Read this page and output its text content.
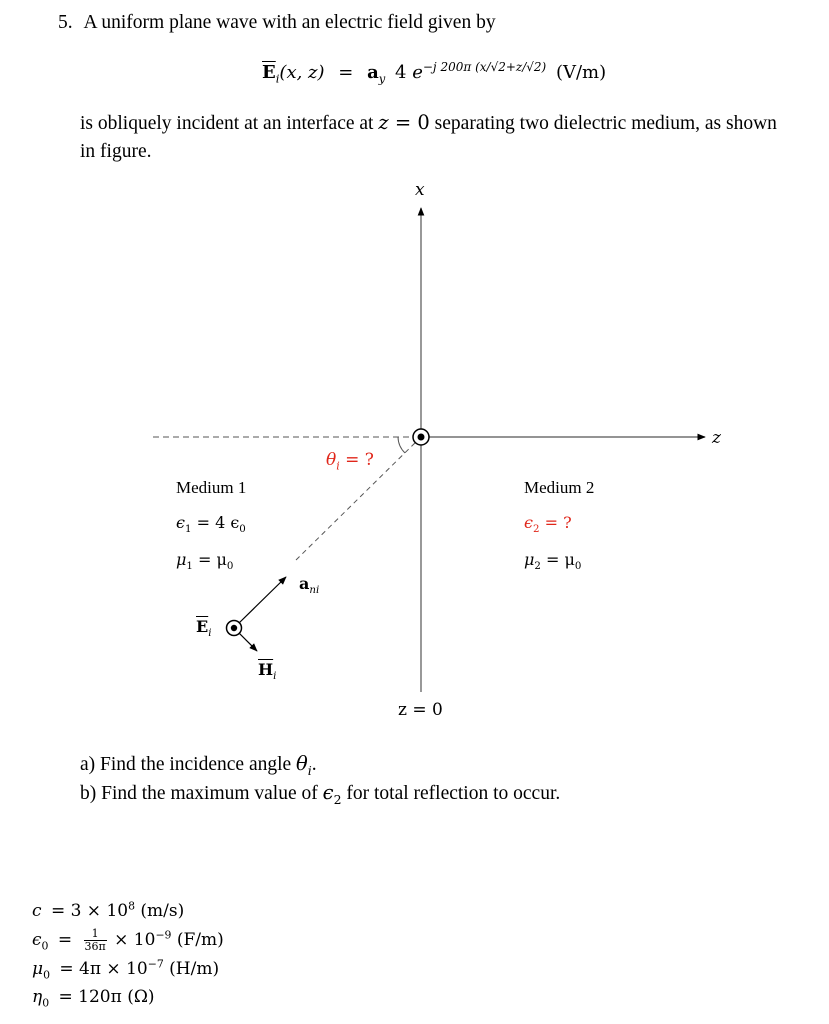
5. A uniform plane wave with an electric field given by
$\overline{E}_i(x$, $z) = a_y$ 4 $e^{-j 200\pi (x/√2+z/√2)}$ (V/m)
is obliquely incident at an interface at z = 0 separating two dielectric medium, as shown
in figure.
x
z
z = 0
$\theta_i$ = ?
Medium 1
$\epsilon_1 = 4$ $\epsilon_0$
$\mu_1 = \mu_0$
Medium 2
$\epsilon_2$ = ?
$\mu_2 = \mu_0$
$a_{ni}$
$\overline{E}_i$
$\overline{H}_i$
a) Find the incidence angle $\theta_i$.
b) Find the maximum value of $\epsilon_2$ for total reflection to occur.
$c = 3 \times 10^8$ (m/s)
$\epsilon_0 = \frac{1}{36\pi} \times 10^{-9}$ (F/m)
$\mu_0 = 4\pi \times 10^{-7}$ (H/m)
$\eta_0 = 120\pi$ (Ω)
